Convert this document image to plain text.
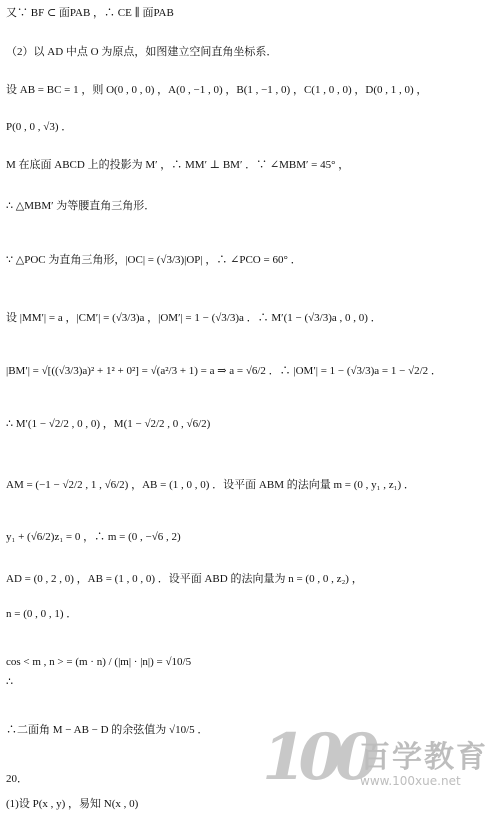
又∵ BF ⊂ 面PAB ，∴ CE ∥ 面PAB
（2）以 AD 中点 O 为原点，如图建立空间直角坐标系．
设 AB = BC = 1 ，则 O(0 , 0 , 0) ，A(0 , −1 , 0) ，B(1 , −1 , 0) ，C(1 , 0 , 0) ，D(0 , 1 , 0) ，
P(0 , 0 , √3) ．
M 在底面 ABCD 上的投影为 M′ ，∴ MM′ ⊥ BM′ ．∵ ∠MBM′ = 45° ，
∴ △MBM′ 为等腰直角三角形．
∵ △POC 为直角三角形，|OC| = (√3/3)|OP| ，∴ ∠PCO = 60° ．
设 |MM′| = a ，|CM′| = (√3/3)a ，|OM′| = 1 − (√3/3)a ．∴ M′(1 − (√3/3)a , 0 , 0) ．
|BM′| = √[((√3/3)a)² + 1² + 0²] = √(a²/3 + 1) = a ⇒ a = √6/2 ．∴ |OM′| = 1 − (√3/3)a = 1 − √2/2 ．
∴ M′(1 − √2/2 , 0 , 0) ，M(1 − √2/2 , 0 , √6/2)
AM = (−1 − √2/2 , 1 , √6/2) ，AB = (1 , 0 , 0) ．设平面 ABM 的法向量 m = (0 , y₁ , z₁) ．
y₁ + (√6/2)z₁ = 0 ，∴ m = (0 , −√6 , 2)
AD = (0 , 2 , 0) ，AB = (1 , 0 , 0) ．设平面 ABD 的法向量为 n = (0 , 0 , z₂) ，
n = (0 , 0 , 1) ．
cos < m , n > = (m · n) / (|m| · |n|) = √10/5
∴
∴二面角 M − AB − D 的余弦值为 √10/5 ． 100
百学教育
www.100xue.net
20．
(1)设 P(x , y) ，易知 N(x , 0)
